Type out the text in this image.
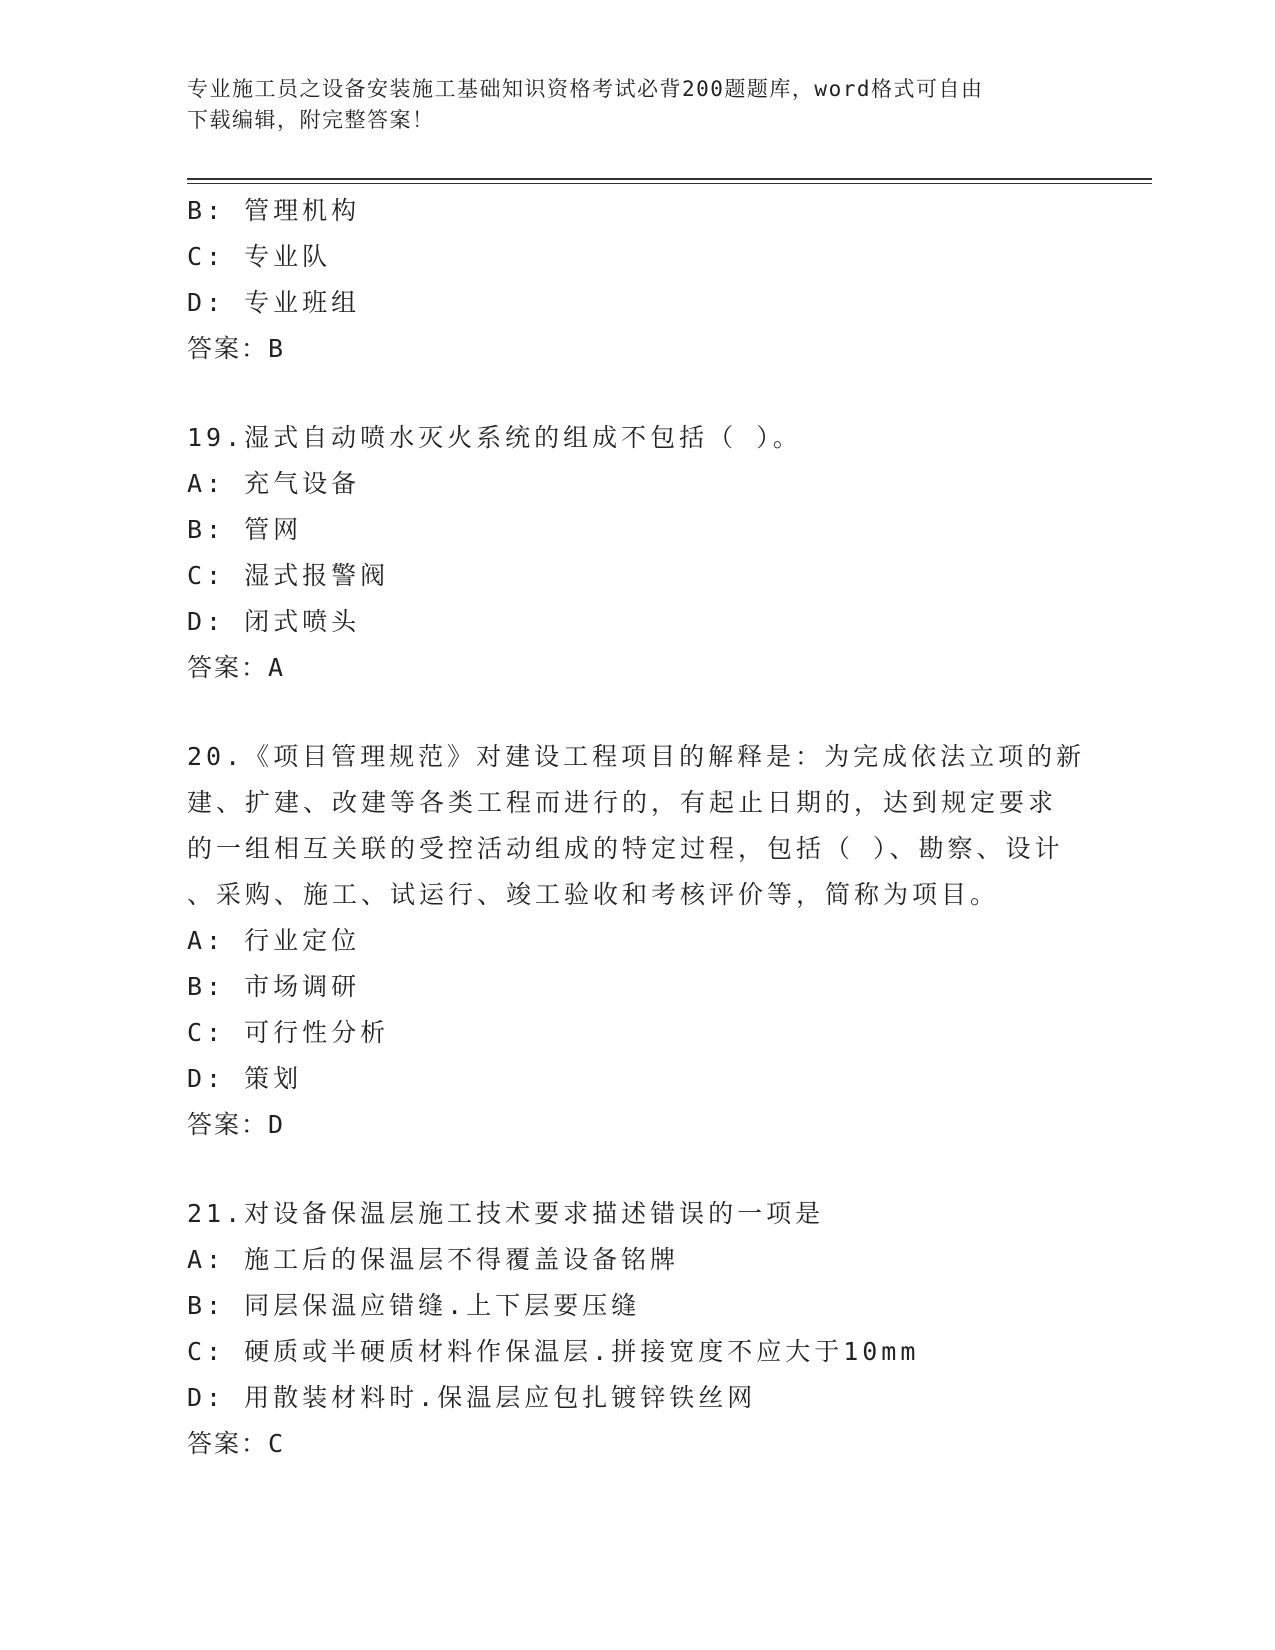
专业施工员之设备安装施工基础知识资格考试必背200题题库，word格式可自由
下载编辑，附完整答案！
B: 管理机构
C: 专业队
D: 专业班组
答案：B
19.湿式自动喷水灭火系统的组成不包括（ ）。
A: 充气设备
B: 管网
C: 湿式报警阀
D: 闭式喷头
答案：A
20.《项目管理规范》对建设工程项目的解释是：为完成依法立项的新
建、扩建、改建等各类工程而进行的，有起止日期的，达到规定要求
的一组相互关联的受控活动组成的特定过程，包括（ ）、勘察、设计
、采购、施工、试运行、竣工验收和考核评价等，简称为项目。
A: 行业定位
B: 市场调研
C: 可行性分析
D: 策划
答案：D
21.对设备保温层施工技术要求描述错误的一项是
A: 施工后的保温层不得覆盖设备铭牌
B: 同层保温应错缝.上下层要压缝
C: 硬质或半硬质材料作保温层.拼接宽度不应大于10mm
D: 用散装材料时.保温层应包扎镀锌铁丝网
答案：C
